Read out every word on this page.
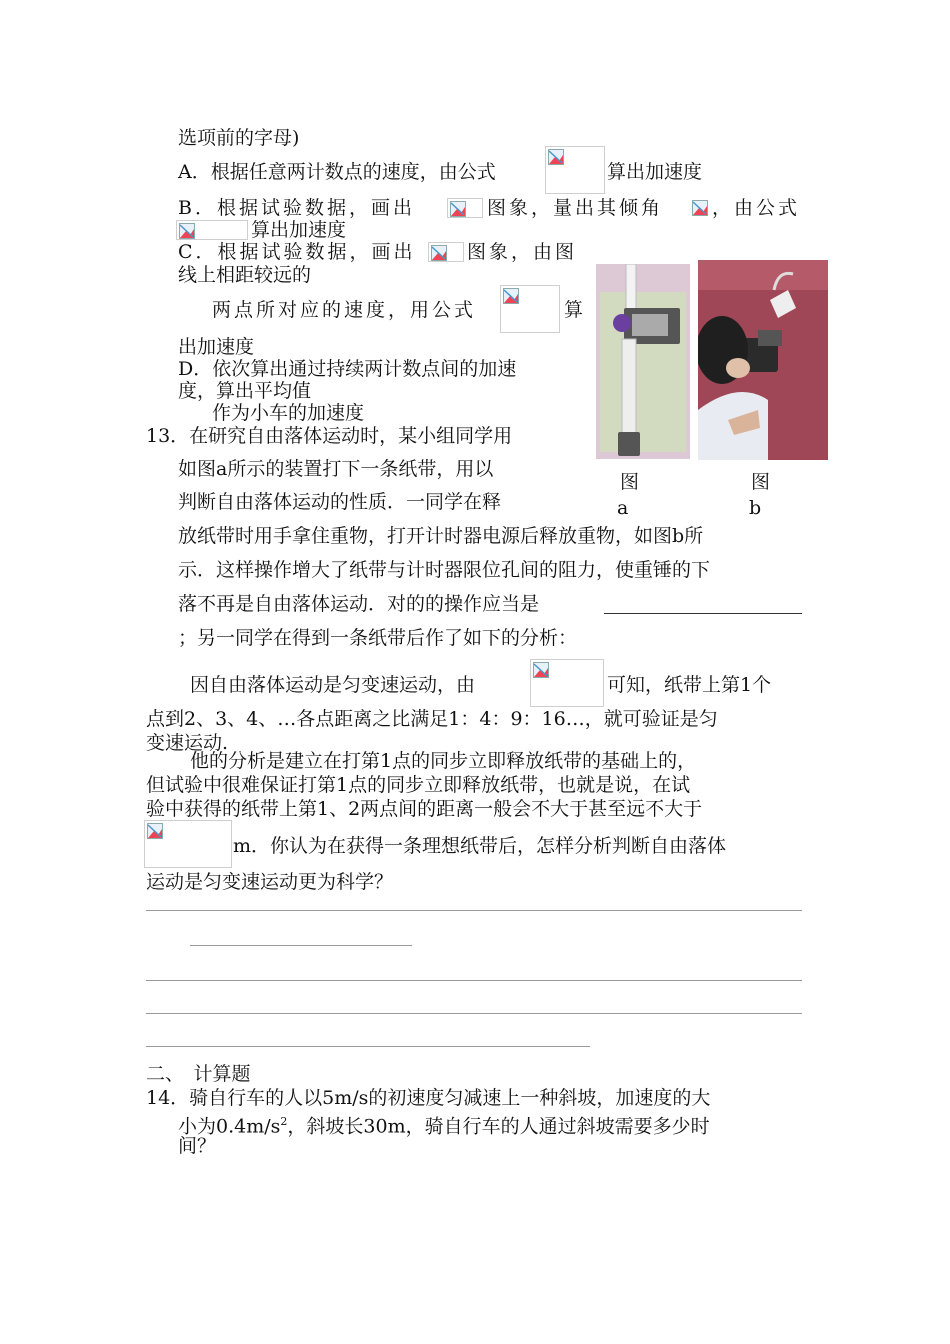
选项前的字母)
A．根据任意两计数点的速度，由公式	算出加速度
B．根据试验数据，画出	图象，量出其倾角	，由公式
算出加速度
C．根据试验数据，画出	图象，由图
线上相距较远的
两点所对应的速度，用公式	算
出加速度
D．依次算出通过持续两计数点间的加速
度，算出平均值
作为小车的加速度
图
a
图
b
13．在研究自由落体运动时，某小组同学用
如图a所示的装置打下一条纸带，用以
判断自由落体运动的性质．一同学在释
放纸带时用手拿住重物，打开计时器电源后释放重物，如图b所
示．这样操作增大了纸带与计时器限位孔间的阻力，使重锤的下
落不再是自由落体运动．对的的操作应当是
；另一同学在得到一条纸带后作了如下的分析：
因自由落体运动是匀变速运动，由	可知，纸带上第1个
点到2、3、4、…各点距离之比满足1：4：9：16…，就可验证是匀
变速运动.
他的分析是建立在打第1点的同步立即释放纸带的基础上的，
但试验中很难保证打第1点的同步立即释放纸带，也就是说，在试
验中获得的纸带上第1、2两点间的距离一般会不大于甚至远不大于
m．你认为在获得一条理想纸带后，怎样分析判断自由落体
运动是匀变速运动更为科学？
二、　计算题
14．骑自行车的人以5m/s的初速度匀减速上一种斜坡，加速度的大
小为$0.4m/s^2$，斜坡长30m，骑自行车的人通过斜坡需要多少时
间？
